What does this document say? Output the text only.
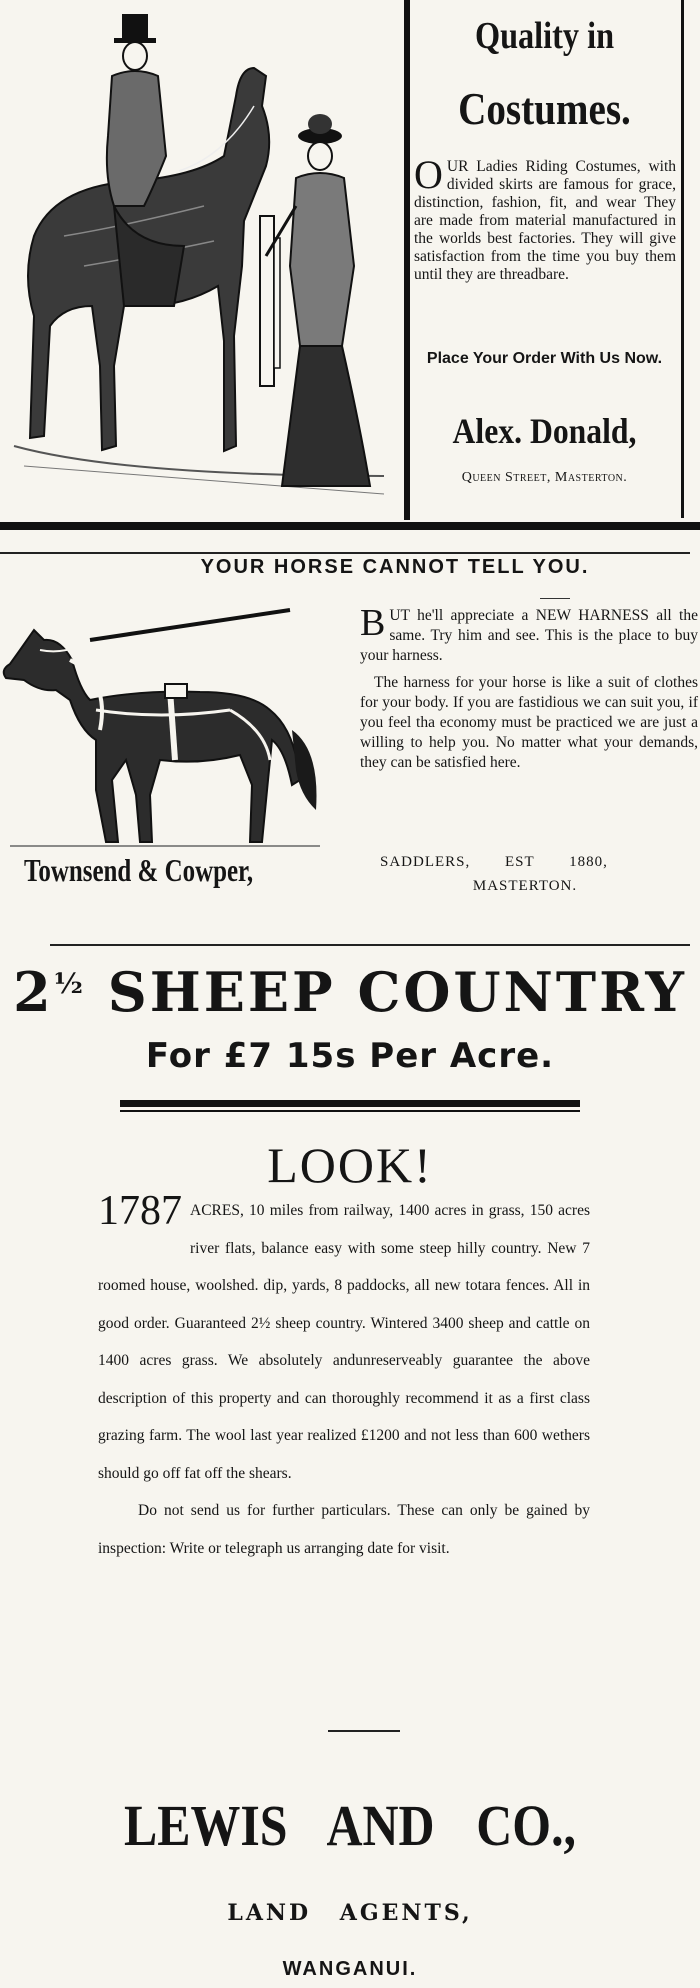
Quality in
Costumes.
OUR Ladies Riding Costumes, with divided skirts are famous for grace, distinction, fashion, fit, and wear They are made from material manufactured in the worlds best factories. They will give satisfaction from the time you buy them until they are threadbare.
Place Your Order With Us Now.
Alex. Donald,
Queen Street, Masterton.
YOUR HORSE CANNOT TELL YOU.

BUT he'll appreciate a NEW HARNESS all the same. Try him and see. This is the place to buy your harness.

The harness for your horse is like a suit of clothes for your body. If you are fastidious we can suit you, if you feel tha economy must be practiced we are just a willing to help you. No matter what your demands, they can be satisfied here.

Townsend & Cowper,	SADDLERS, EST 1880,
MASTERTON.
$2^{\frac{1}{2}}$ SHEEP COUNTRY
For £7 15s Per Acre.
LOOK!

1787 ACRES, 10 miles from railway, 1400 acres in grass, 150 acres river flats, balance easy with some steep hilly country. New 7 roomed house, woolshed. dip, yards, 8 paddocks, all new totara fences. All in good order. Guaranteed 2½ sheep country. Wintered 3400 sheep and cattle on 1400 acres grass. We absolutely andunreserveably guarantee the above description of this property and can thoroughly recommend it as a first class grazing farm. The wool last year realized £1200 and not less than 600 wethers should go off fat off the shears.

Do not send us for further particulars. These can only be gained by inspection: Write or telegraph us arranging date for visit.

LEWIS AND CO.,
LAND AGENTS,
WANGANUI.
